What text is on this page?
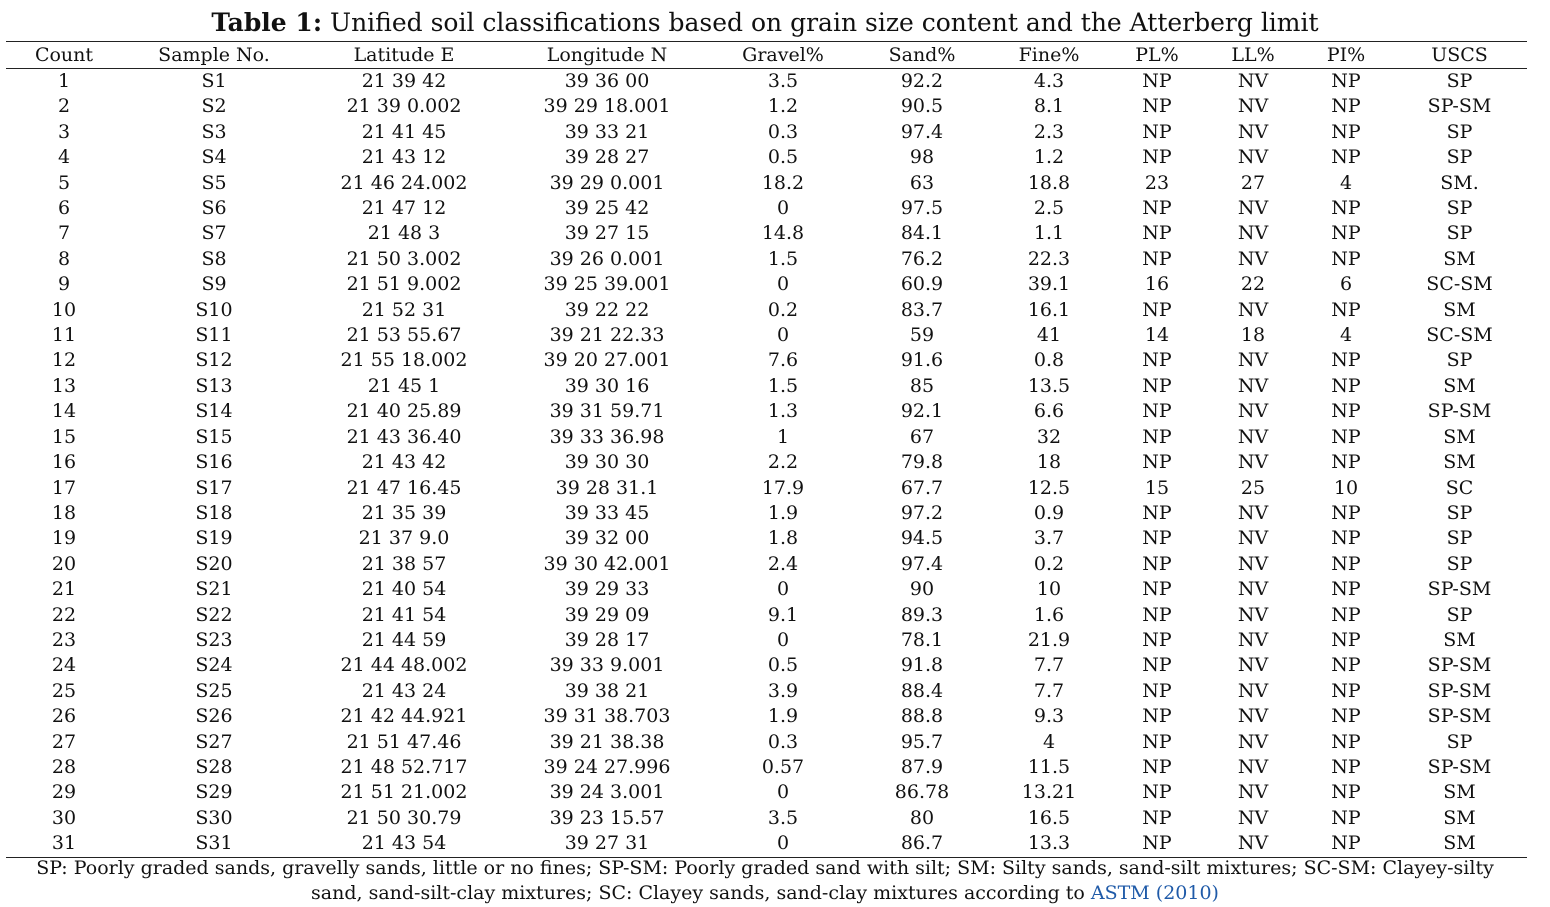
Table 1: Unified soil classifications based on grain size content and the Atterberg limit
Count	Sample No.	Latitude E	Longitude N	Gravel%	Sand%	Fine%	PL%	LL%	PI%	USCS
1	S1	21 39 42	39 36 00	3.5	92.2	4.3	NP	NV	NP	SP
2	S2	21 39 0.002	39 29 18.001	1.2	90.5	8.1	NP	NV	NP	SP-SM
3	S3	21 41 45	39 33 21	0.3	97.4	2.3	NP	NV	NP	SP
4	S4	21 43 12	39 28 27	0.5	98	1.2	NP	NV	NP	SP
5	S5	21 46 24.002	39 29 0.001	18.2	63	18.8	23	27	4	SM.
6	S6	21 47 12	39 25 42	0	97.5	2.5	NP	NV	NP	SP
7	S7	21 48 3	39 27 15	14.8	84.1	1.1	NP	NV	NP	SP
8	S8	21 50 3.002	39 26 0.001	1.5	76.2	22.3	NP	NV	NP	SM
9	S9	21 51 9.002	39 25 39.001	0	60.9	39.1	16	22	6	SC-SM
10	S10	21 52 31	39 22 22	0.2	83.7	16.1	NP	NV	NP	SM
11	S11	21 53 55.67	39 21 22.33	0	59	41	14	18	4	SC-SM
12	S12	21 55 18.002	39 20 27.001	7.6	91.6	0.8	NP	NV	NP	SP
13	S13	21 45 1	39 30 16	1.5	85	13.5	NP	NV	NP	SM
14	S14	21 40 25.89	39 31 59.71	1.3	92.1	6.6	NP	NV	NP	SP-SM
15	S15	21 43 36.40	39 33 36.98	1	67	32	NP	NV	NP	SM
16	S16	21 43 42	39 30 30	2.2	79.8	18	NP	NV	NP	SM
17	S17	21 47 16.45	39 28 31.1	17.9	67.7	12.5	15	25	10	SC
18	S18	21 35 39	39 33 45	1.9	97.2	0.9	NP	NV	NP	SP
19	S19	21 37 9.0	39 32 00	1.8	94.5	3.7	NP	NV	NP	SP
20	S20	21 38 57	39 30 42.001	2.4	97.4	0.2	NP	NV	NP	SP
21	S21	21 40 54	39 29 33	0	90	10	NP	NV	NP	SP-SM
22	S22	21 41 54	39 29 09	9.1	89.3	1.6	NP	NV	NP	SP
23	S23	21 44 59	39 28 17	0	78.1	21.9	NP	NV	NP	SM
24	S24	21 44 48.002	39 33 9.001	0.5	91.8	7.7	NP	NV	NP	SP-SM
25	S25	21 43 24	39 38 21	3.9	88.4	7.7	NP	NV	NP	SP-SM
26	S26	21 42 44.921	39 31 38.703	1.9	88.8	9.3	NP	NV	NP	SP-SM
27	S27	21 51 47.46	39 21 38.38	0.3	95.7	4	NP	NV	NP	SP
28	S28	21 48 52.717	39 24 27.996	0.57	87.9	11.5	NP	NV	NP	SP-SM
29	S29	21 51 21.002	39 24 3.001	0	86.78	13.21	NP	NV	NP	SM
30	S30	21 50 30.79	39 23 15.57	3.5	80	16.5	NP	NV	NP	SM
31	S31	21 43 54	39 27 31	0	86.7	13.3	NP	NV	NP	SM
SP: Poorly graded sands, gravelly sands, little or no fines; SP-SM: Poorly graded sand with silt; SM: Silty sands, sand-silt mixtures; SC-SM: Clayey-silty sand, sand-silt-clay mixtures; SC: Clayey sands, sand-clay mixtures according to ASTM (2010)
